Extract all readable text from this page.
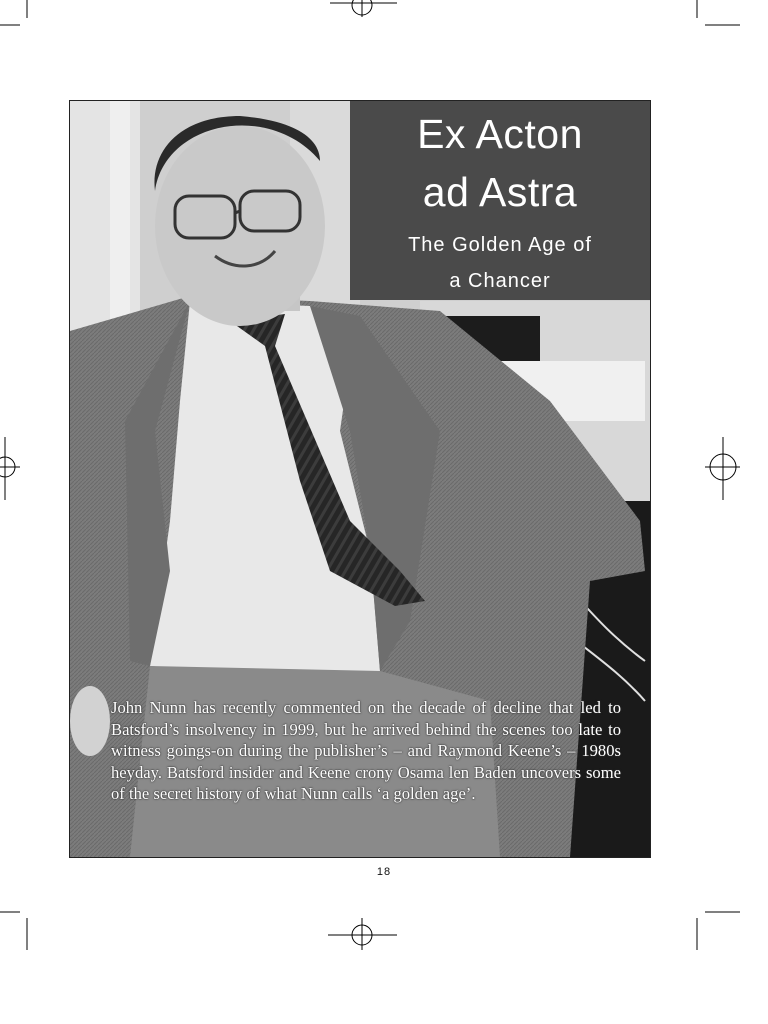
Ex Acton
ad Astra
The Golden Age of
a Chancer
John Nunn has recently commented on the decade of decline that led to Batsford’s insolvency in 1999, but he arrived behind the scenes too late to witness goings-on during the publisher’s – and Raymond Keene’s – 1980s heyday. Batsford insider and Keene crony Osama len Baden uncovers some of the secret history of what Nunn calls ‘a golden age’.
18
